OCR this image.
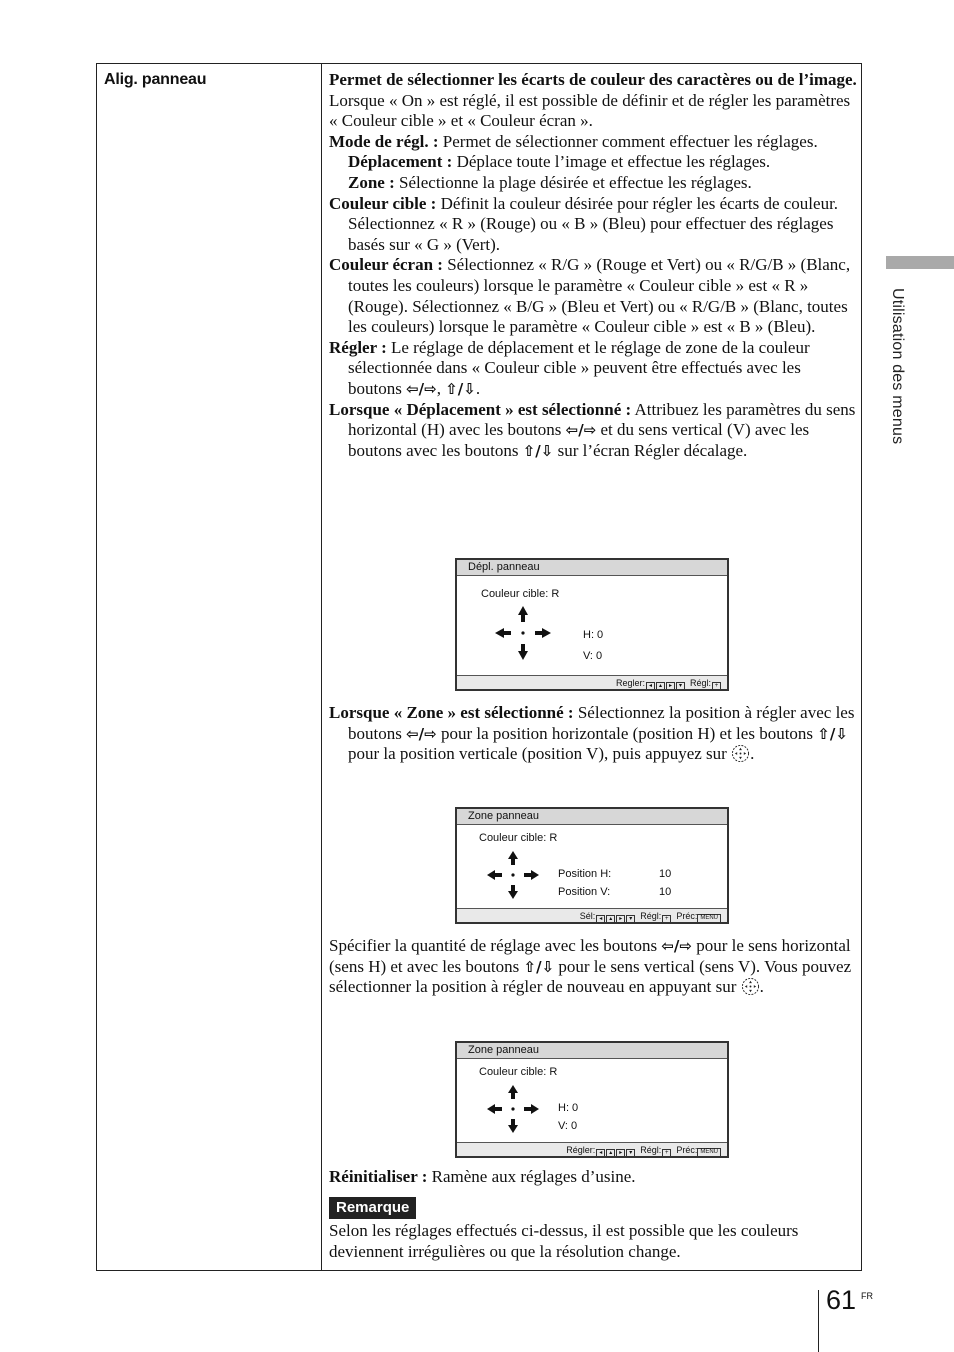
Alig. panneau	Permet de sélectionner les écarts de couleur des caractères ou de l’image.

Lorsque « On » est réglé, il est possible de définir et de régler les paramètres « Couleur cible » et « Couleur écran ».

Mode de régl. : Permet de sélectionner comment effectuer les réglages.

Déplacement : Déplace toute l’image et effectue les réglages.

Zone : Sélectionne la plage désirée et effectue les réglages.

Couleur cible : Définit la couleur désirée pour régler les écarts de couleur. Sélectionnez « R » (Rouge) ou « B » (Bleu) pour effectuer des réglages basés sur « G » (Vert).

Couleur écran : Sélectionnez « R/G » (Rouge et Vert) ou « R/G/B » (Blanc, toutes les couleurs) lorsque le paramètre « Couleur cible » est « R » (Rouge). Sélectionnez « B/G » (Bleu et Vert) ou « R/G/B » (Blanc, toutes les couleurs) lorsque le paramètre « Couleur cible » est « B » (Bleu).

Régler : Le réglage de déplacement et le réglage de zone de la couleur sélectionnée dans « Couleur cible » peuvent être effectués avec les boutons ⇦/⇨, ⇧/⇩.

Lorsque « Déplacement » est sélectionné : Attribuez les paramètres du sens horizontal (H) avec les boutons ⇦/⇨ et du sens vertical (V) avec les boutons avec les boutons ⇧/⇩ sur l’écran Régler décalage.

Dépl. panneau
Couleur cible: R
H: 0
V: 0
Regler: ◂ ▴ ▸ ▾ Régl: +

Lorsque « Zone » est sélectionné : Sélectionnez la position à régler avec les boutons ⇦/⇨ pour la position horizontale (position H) et les boutons ⇧/⇩ pour la position verticale (position V), puis appuyez sur .

Zone panneau
Couleur cible: R
Position H:	10
Position V:	10
Sél: ◂ ▴ ▸ ▾ Régl: + Préc: MENU

Spécifier la quantité de réglage avec les boutons ⇦/⇨ pour le sens horizontal (sens H) et avec les boutons ⇧/⇩ pour le sens vertical (sens V). Vous pouvez sélectionner la position à régler de nouveau en appuyant sur .

Zone panneau
Couleur cible: R
H: 0
V: 0
Régler: ◂ ▴ ▸ ▾ Régl: + Préc: MENU

Réinitialiser : Ramène aux réglages d’usine.

Remarque

Selon les réglages effectués ci-dessus, il est possible que les couleurs deviennent irrégulières ou que la résolution change.

Utilisation des menus
61 FR
